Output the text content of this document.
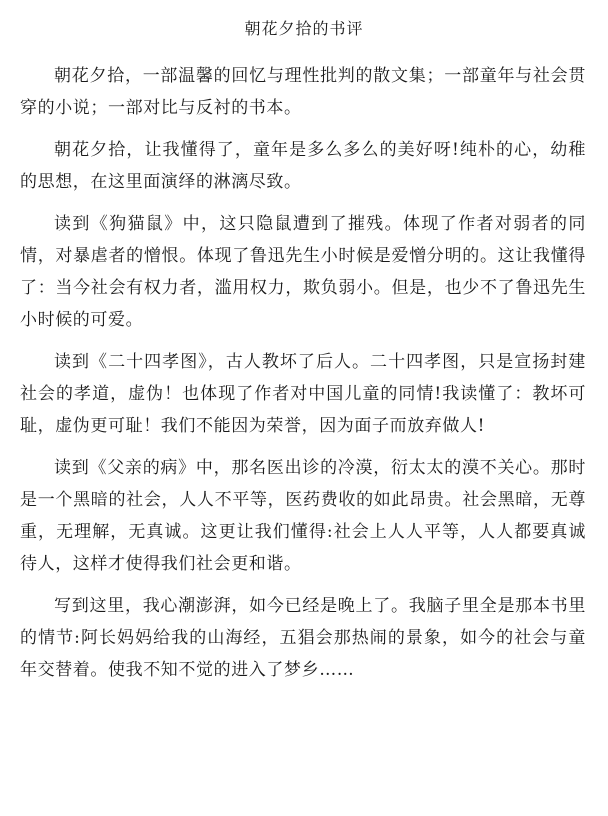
朝花夕拾的书评

朝花夕拾，一部温馨的回忆与理性批判的散文集；一部童年与社会贯穿的小说；一部对比与反衬的书本。

朝花夕拾，让我懂得了，童年是多么多么的美好呀!纯朴的心，幼稚的思想，在这里面演绎的淋漓尽致。

读到《狗猫鼠》中，这只隐鼠遭到了摧残。体现了作者对弱者的同情，对暴虐者的憎恨。体现了鲁迅先生小时候是爱憎分明的。这让我懂得了：当今社会有权力者，滥用权力，欺负弱小。但是，也少不了鲁迅先生小时候的可爱。

读到《二十四孝图》，古人教坏了后人。二十四孝图，只是宣扬封建社会的孝道，虚伪！也体现了作者对中国儿童的同情!我读懂了：教坏可耻，虚伪更可耻！我们不能因为荣誉，因为面子而放弃做人!

读到《父亲的病》中，那名医出诊的冷漠，衍太太的漠不关心。那时是一个黑暗的社会，人人不平等，医药费收的如此昂贵。社会黑暗，无尊重，无理解，无真诚。这更让我们懂得:社会上人人平等，人人都要真诚待人，这样才使得我们社会更和谐。

写到这里，我心潮澎湃，如今已经是晚上了。我脑子里全是那本书里的情节:阿长妈妈给我的山海经，五猖会那热闹的景象，如今的社会与童年交替着。使我不知不觉的进入了梦乡……
